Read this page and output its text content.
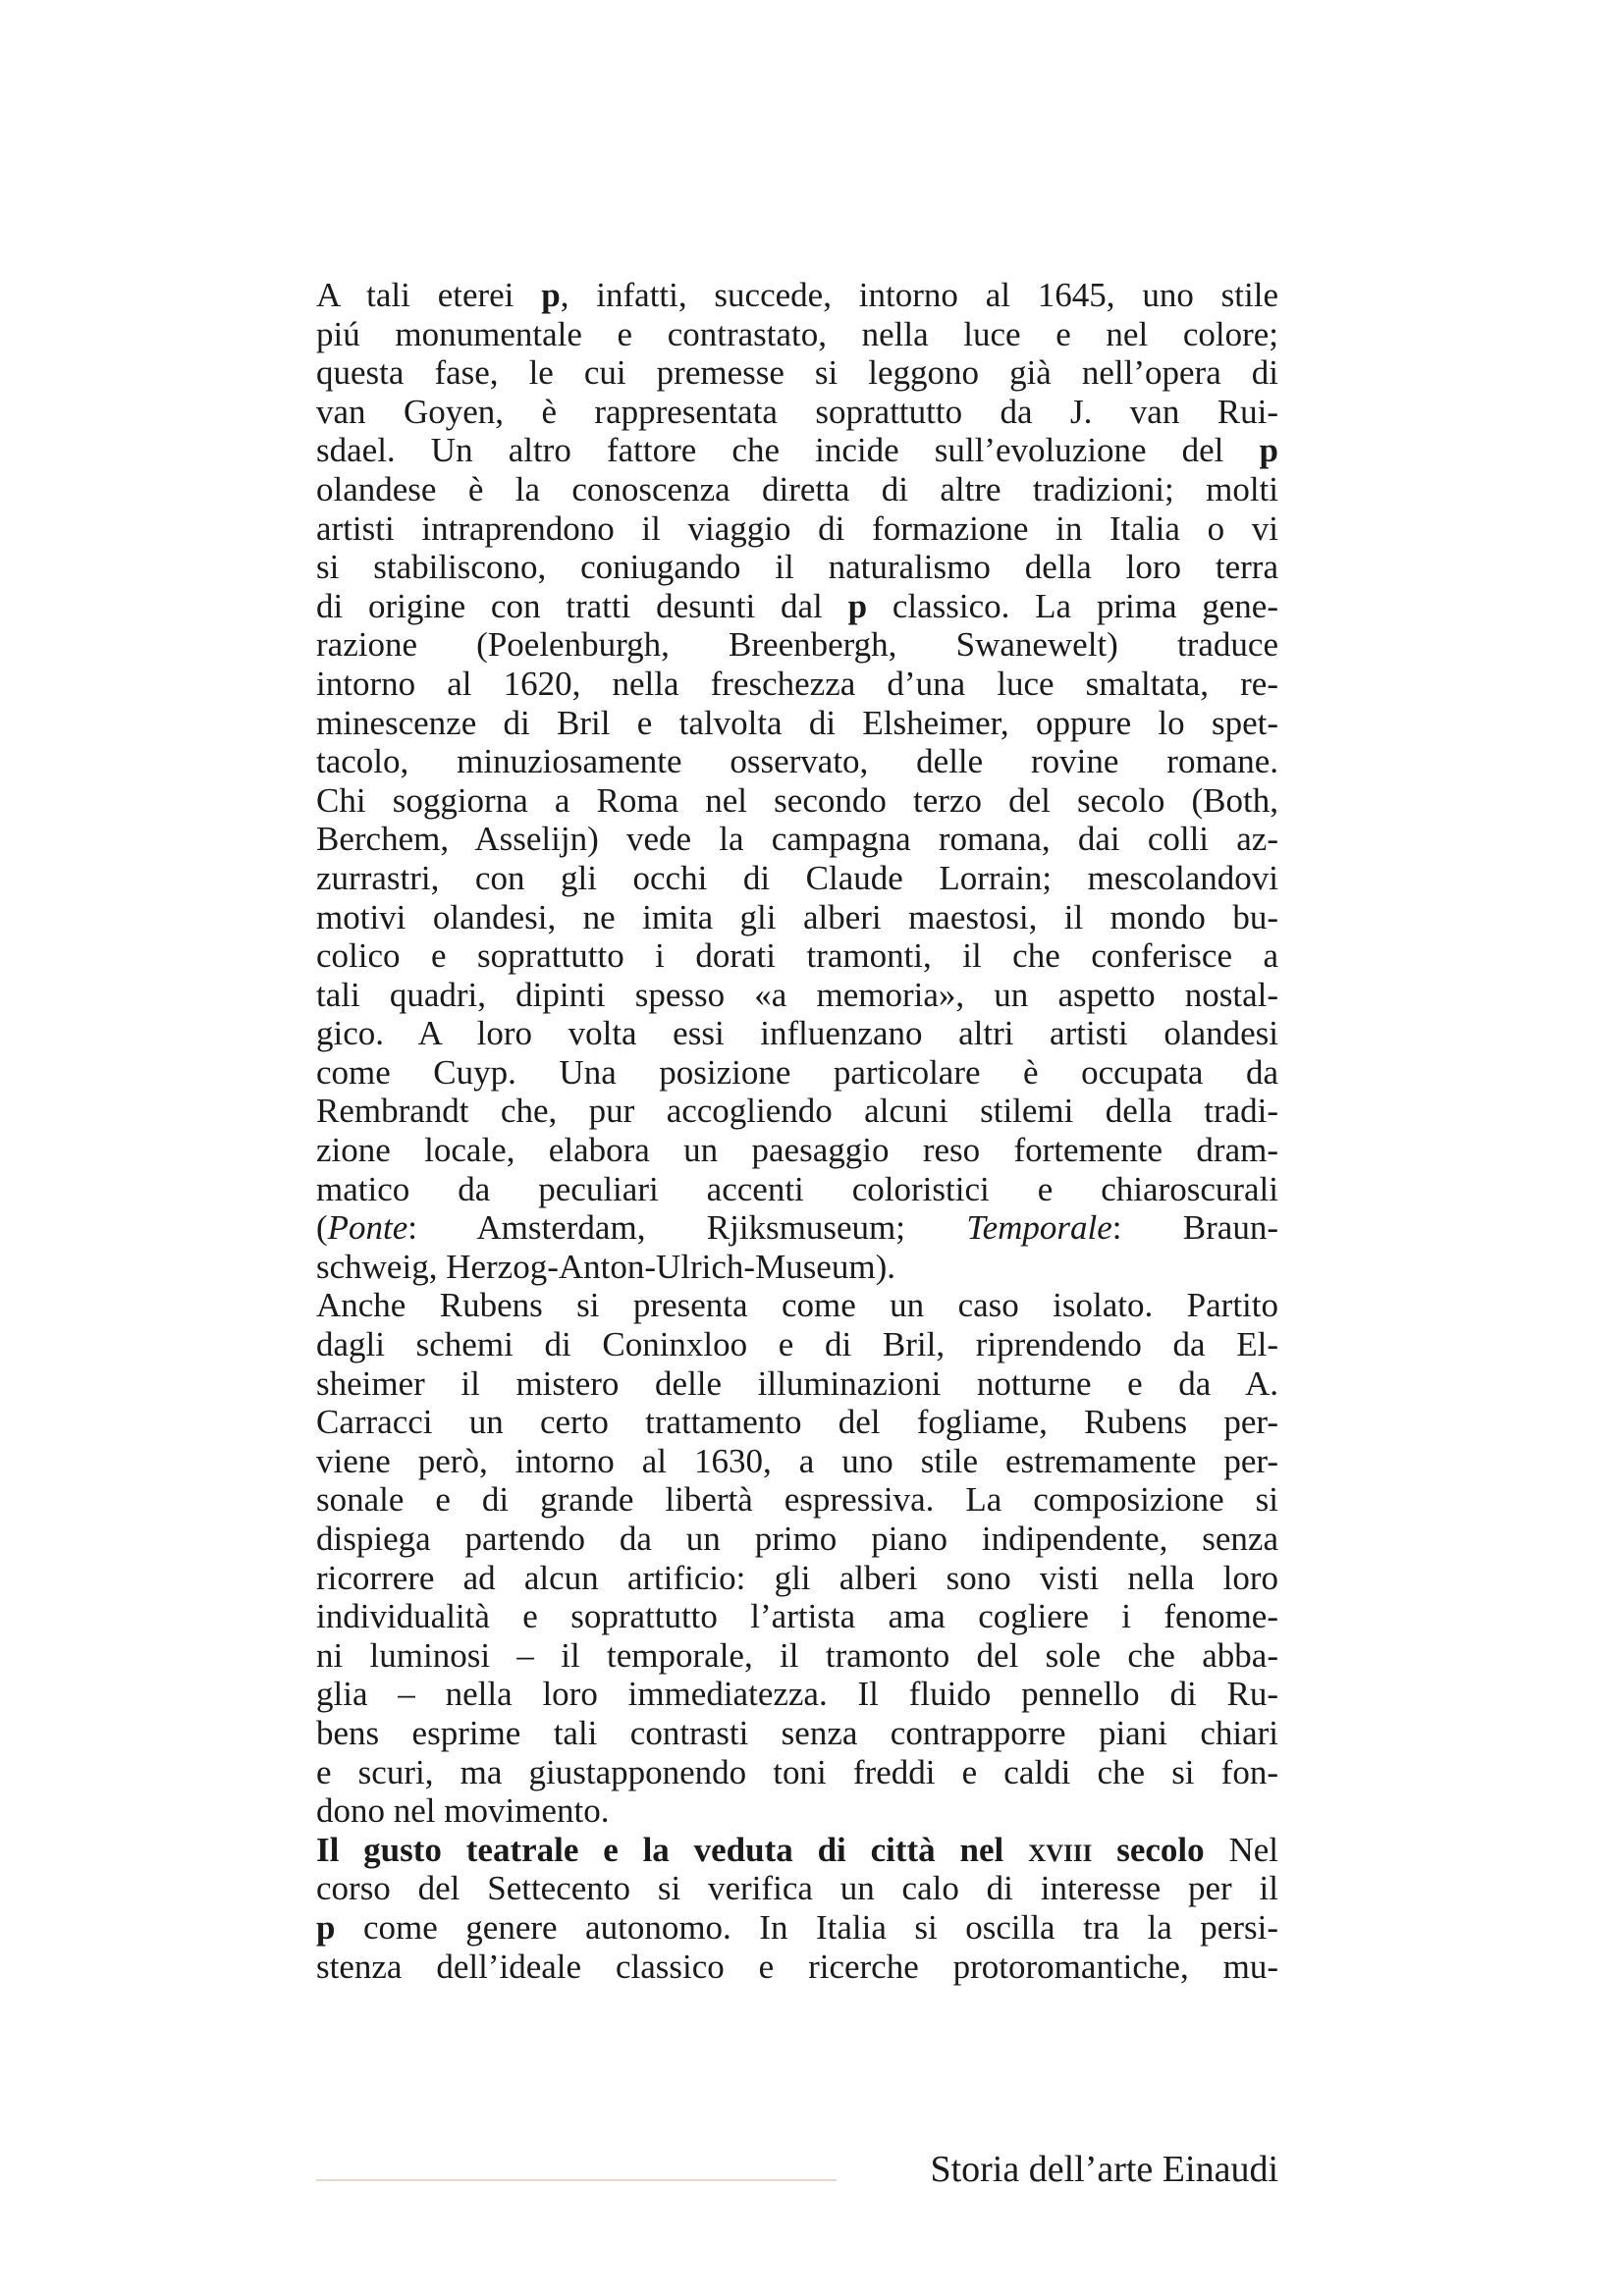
A tali eterei p, infatti, succede, intorno al 1645, uno stile
piú monumentale e contrastato, nella luce e nel colore;
questa fase, le cui premesse si leggono già nell’opera di
van Goyen, è rappresentata soprattutto da J. van Rui-
sdael. Un altro fattore che incide sull’evoluzione del p
olandese è la conoscenza diretta di altre tradizioni; molti
artisti intraprendono il viaggio di formazione in Italia o vi
si stabiliscono, coniugando il naturalismo della loro terra
di origine con tratti desunti dal p classico. La prima gene-
razione (Poelenburgh, Breenbergh, Swanewelt) traduce
intorno al 1620, nella freschezza d’una luce smaltata, re-
minescenze di Bril e talvolta di Elsheimer, oppure lo spet-
tacolo, minuziosamente osservato, delle rovine romane.
Chi soggiorna a Roma nel secondo terzo del secolo (Both,
Berchem, Asselijn) vede la campagna romana, dai colli az-
zurrastri, con gli occhi di Claude Lorrain; mescolandovi
motivi olandesi, ne imita gli alberi maestosi, il mondo bu-
colico e soprattutto i dorati tramonti, il che conferisce a
tali quadri, dipinti spesso «a memoria», un aspetto nostal-
gico. A loro volta essi influenzano altri artisti olandesi
come Cuyp. Una posizione particolare è occupata da
Rembrandt che, pur accogliendo alcuni stilemi della tradi-
zione locale, elabora un paesaggio reso fortemente dram-
matico da peculiari accenti coloristici e chiaroscurali
(Ponte: Amsterdam, Rjiksmuseum; Temporale: Braun-
schweig, Herzog-Anton-Ulrich-Museum).
Anche Rubens si presenta come un caso isolato. Partito
dagli schemi di Coninxloo e di Bril, riprendendo da El-
sheimer il mistero delle illuminazioni notturne e da A.
Carracci un certo trattamento del fogliame, Rubens per-
viene però, intorno al 1630, a uno stile estremamente per-
sonale e di grande libertà espressiva. La composizione si
dispiega partendo da un primo piano indipendente, senza
ricorrere ad alcun artificio: gli alberi sono visti nella loro
individualità e soprattutto l’artista ama cogliere i fenome-
ni luminosi – il temporale, il tramonto del sole che abba-
glia – nella loro immediatezza. Il fluido pennello di Ru-
bens esprime tali contrasti senza contrapporre piani chiari
e scuri, ma giustapponendo toni freddi e caldi che si fon-
dono nel movimento.
Il gusto teatrale e la veduta di città nel xviii secolo Nel
corso del Settecento si verifica un calo di interesse per il
p come genere autonomo. In Italia si oscilla tra la persi-
stenza dell’ideale classico e ricerche protoromantiche, mu-
Storia dell’arte Einaudi
